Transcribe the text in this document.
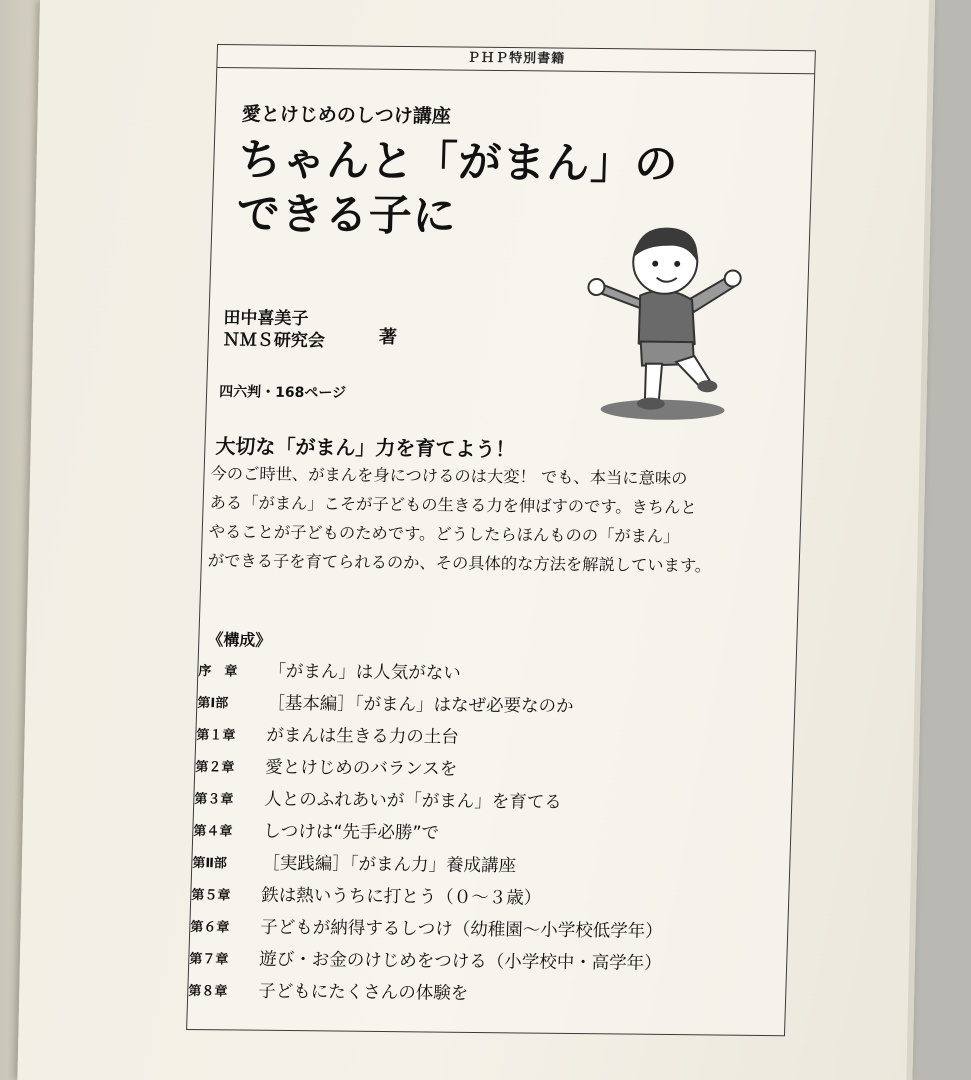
ＰＨＰ特別書籍
愛とけじめのしつけ講座
ちゃんと「がまん」の
できる子に
田中喜美子
ＮＭＳ研究会	著
四六判・168ページ
大切な「がまん」力を育てよう！
今のご時世、がまんを身につけるのは大変！ でも、本当に意味の
ある「がまん」こそが子どもの生きる力を伸ばすのです。きちんと
やることが子どものためです。どうしたらほんものの「がまん」
ができる子を育てられるのか、その具体的な方法を解説しています。
《構成》
序　章	「がまん」は人気がない
第Ⅰ部	［基本編］「がまん」はなぜ必要なのか
第１章	がまんは生きる力の土台
第２章	愛とけじめのバランスを
第３章	人とのふれあいが「がまん」を育てる
第４章	しつけは“先手必勝”で
第Ⅱ部	［実践編］「がまん力」養成講座
第５章	鉄は熱いうちに打とう（０～３歳）
第６章	子どもが納得するしつけ（幼稚園～小学校低学年）
第７章	遊び・お金のけじめをつける（小学校中・高学年）
第８章	子どもにたくさんの体験を
